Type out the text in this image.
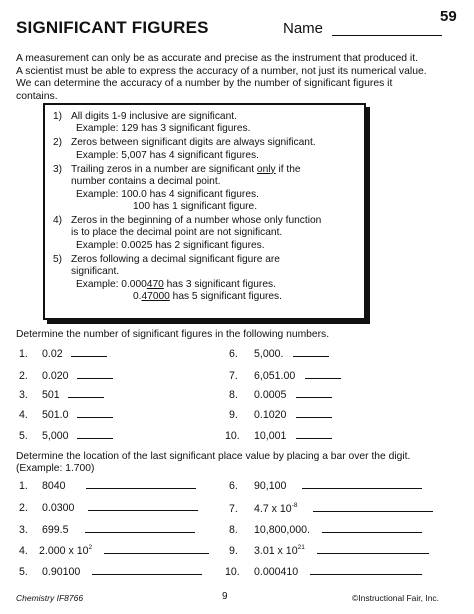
SIGNIFICANT FIGURES	Name
59

A measurement can only be as accurate and precise as the instrument that produced it.

A scientist must be able to express the accuracy of a number, not just its numerical value.

We can determine the accuracy of a number by the number of significant figures it

contains.

1) All digits 1-9 inclusive are significant.
Example: 129 has 3 significant figures.
2) Zeros between significant digits are always significant.
Example: 5,007 has 4 significant figures.
3) Trailing zeros in a number are significant only if the
number contains a decimal point.
Example: 100.0 has 4 significant figures.
100 has 1 significant figure.
4) Zeros in the beginning of a number whose only function
is to place the decimal point are not significant.
Example: 0.0025 has 2 significant figures.
5) Zeros following a decimal significant figure are
significant.
Example: 0.000470 has 3 significant figures.
0.47000 has 5 significant figures.
Determine the number of significant figures in the following numbers.
1. 0.02
2. 0.020
3. 501
4. 501.0
5. 5,000
6. 5,000.
7. 6,051.00
8. 0.0005
9. 0.1020
10. 10,001
Determine the location of the last significant place value by placing a bar over the digit.
(Example: 1.700)
1. 8040
2. 0.0300
3. 699.5
4. 2.000 x $10^2$
5. 0.90100
6. 90,100
7. 4.7 x $10^{-8}$
8. 10,800,000.
9. 3.01 x $10^{21}$
10. 0.000410
Chemistry IF8766	9	©Instructional Fair, Inc.
